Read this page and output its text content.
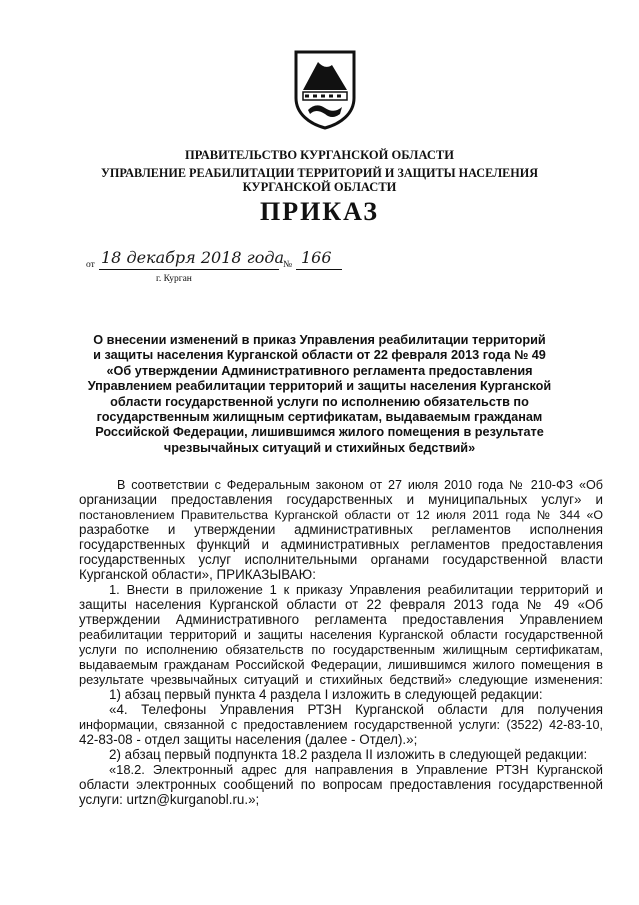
ПРАВИТЕЛЬСТВО КУРГАНСКОЙ ОБЛАСТИ
УПРАВЛЕНИЕ РЕАБИЛИТАЦИИ ТЕРРИТОРИЙ И ЗАЩИТЫ НАСЕЛЕНИЯ
КУРГАНСКОЙ ОБЛАСТИ
ПРИКАЗ
от 18 декабря 2018 года
№ 166
г. Курган
О внесении изменений в приказ Управления реабилитации территорий
и защиты населения Курганской области от 22 февраля 2013 года № 49
«Об утверждении Административного регламента предоставления
Управлением реабилитации территорий и защиты населения Курганской
области государственной услуги по исполнению обязательств по
государственным жилищным сертификатам, выдаваемым гражданам
Российской Федерации, лишившимся жилого помещения в результате
чрезвычайных ситуаций и стихийных бедствий»
В соответствии с Федеральным законом от 27 июля 2010 года № 210-ФЗ «Об
организации предоставления государственных и муниципальных услуг» и
постановлением Правительства Курганской области от 12 июля 2011 года № 344 «О
разработке и утверждении административных регламентов исполнения
государственных функций и административных регламентов предоставления
государственных услуг исполнительными органами государственной власти
Курганской области», ПРИКАЗЫВАЮ:
1. Внести в приложение 1 к приказу Управления реабилитации территорий и
защиты населения Курганской области от 22 февраля 2013 года № 49 «Об
утверждении Административного регламента предоставления Управлением
реабилитации территорий и защиты населения Курганской области государственной
услуги по исполнению обязательств по государственным жилищным сертификатам,
выдаваемым гражданам Российской Федерации, лишившимся жилого помещения в
результате чрезвычайных ситуаций и стихийных бедствий» следующие изменения:
1) абзац первый пункта 4 раздела I изложить в следующей редакции:
«4. Телефоны Управления РТЗН Курганской области для получения
информации, связанной с предоставлением государственной услуги: (3522) 42-83-10,
42-83-08 - отдел защиты населения (далее - Отдел).»;
2) абзац первый подпункта 18.2 раздела II изложить в следующей редакции:
«18.2. Электронный адрес для направления в Управление РТЗН Курганской
области электронных сообщений по вопросам предоставления государственной
услуги: urtzn@kurganobl.ru.»;
